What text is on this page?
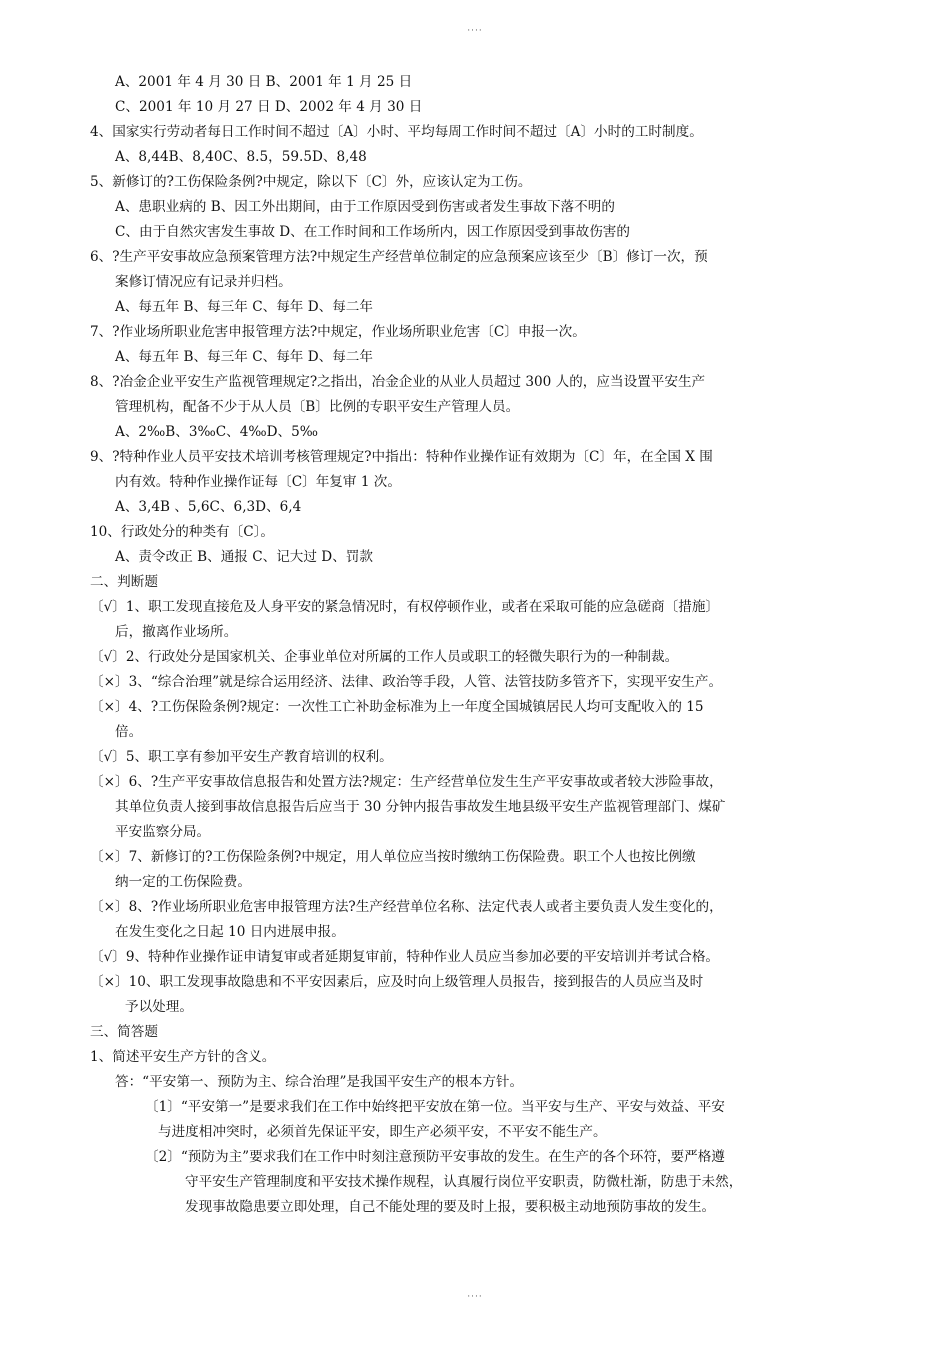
····
A、2001 年 4 月 30 日 B、2001 年 1 月 25 日
C、2001 年 10 月 27 日 D、2002 年 4 月 30 日
4、国家实行劳动者每日工作时间不超过〔A〕小时、平均每周工作时间不超过〔A〕小时的工时制度。
A、8,44B、8,40C、8.5，59.5D、8,48
5、新修订的?工伤保险条例?中规定，除以下〔C〕外，应该认定为工伤。
A、患职业病的 B、因工外出期间，由于工作原因受到伤害或者发生事故下落不明的
C、由于自然灾害发生事故 D、在工作时间和工作场所内，因工作原因受到事故伤害的
6、?生产平安事故应急预案管理方法?中规定生产经营单位制定的应急预案应该至少〔B〕修订一次，预
案修订情况应有记录并归档。
A、每五年 B、每三年 C、每年 D、每二年
7、?作业场所职业危害申报管理方法?中规定，作业场所职业危害〔C〕申报一次。
A、每五年 B、每三年 C、每年 D、每二年
8、?冶金企业平安生产监视管理规定?之指出，冶金企业的从业人员超过 300 人的，应当设置平安生产
管理机构，配备不少于从人员〔B〕比例的专职平安生产管理人员。
A、2‰B、3‰C、4‰D、5‰
9、?特种作业人员平安技术培训考核管理规定?中指出：特种作业操作证有效期为〔C〕年，在全国 X 围
内有效。特种作业操作证每〔C〕年复审 1 次。
A、3,4B 、5,6C、6,3D、6,4
10、行政处分的种类有〔C〕。
A、责令改正 B、通报 C、记大过 D、罚款
二、判断题
〔√〕1、职工发现直接危及人身平安的紧急情况时，有权停顿作业，或者在采取可能的应急磋商〔措施〕
后，撤离作业场所。
〔√〕2、行政处分是国家机关、企事业单位对所属的工作人员或职工的轻微失职行为的一种制裁。
〔×〕3、“综合治理”就是综合运用经济、法律、政治等手段，人管、法管技防多管齐下，实现平安生产。
〔×〕4、?工伤保险条例?规定：一次性工亡补助金标准为上一年度全国城镇居民人均可支配收入的 15
倍。
〔√〕5、职工享有参加平安生产教育培训的权利。
〔×〕6、?生产平安事故信息报告和处置方法?规定：生产经营单位发生生产平安事故或者较大涉险事故，
其单位负责人接到事故信息报告后应当于 30 分钟内报告事故发生地县级平安生产监视管理部门、煤矿
平安监察分局。
〔×〕7、新修订的?工伤保险条例?中规定，用人单位应当按时缴纳工伤保险费。职工个人也按比例缴
纳一定的工伤保险费。
〔×〕8、?作业场所职业危害申报管理方法?生产经营单位名称、法定代表人或者主要负责人发生变化的，
在发生变化之日起 10 日内进展申报。
〔√〕9、特种作业操作证申请复审或者延期复审前，特种作业人员应当参加必要的平安培训并考试合格。
〔×〕10、职工发现事故隐患和不平安因素后，应及时向上级管理人员报告，接到报告的人员应当及时
予以处理。
三、简答题
1、简述平安生产方针的含义。
答：“平安第一、预防为主、综合治理”是我国平安生产的根本方针。
〔1〕“平安第一”是要求我们在工作中始终把平安放在第一位。当平安与生产、平安与效益、平安
与进度相冲突时，必须首先保证平安，即生产必须平安，不平安不能生产。
〔2〕“预防为主”要求我们在工作中时刻注意预防平安事故的发生。在生产的各个环符，要严格遵
守平安生产管理制度和平安技术操作规程，认真履行岗位平安职责，防微杜渐，防患于未然，
发现事故隐患要立即处理，自己不能处理的要及时上报，要积极主动地预防事故的发生。
····
